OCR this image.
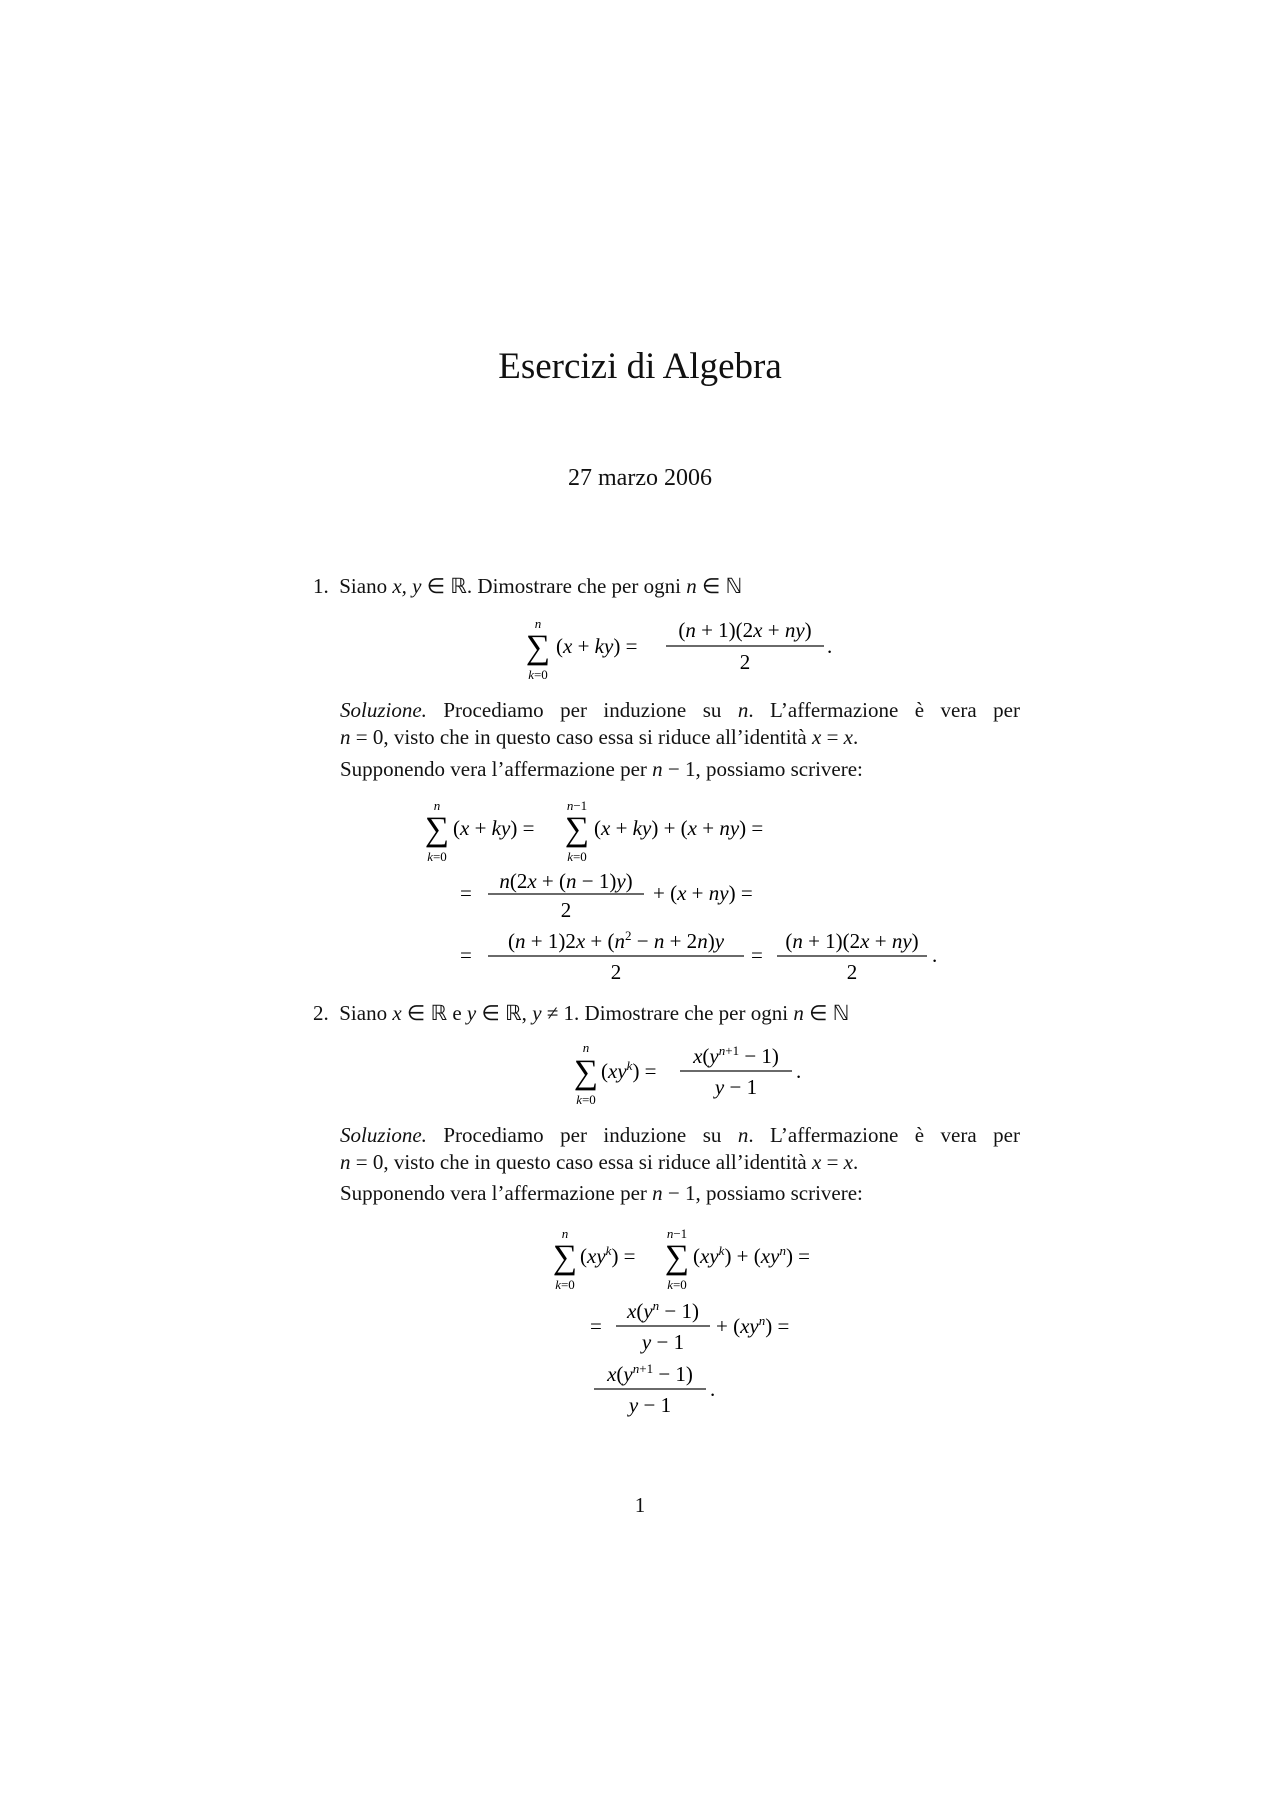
Esercizi di Algebra
27 marzo 2006
1.  Siano x, y ∈ ℝ. Dimostrare che per ogni n ∈ ℕ
n
∑
k=0
(x + ky) =
(n + 1)(2x + ny)
2
.
Soluzione. Procediamo per induzione su n. L’affermazione è vera per
n = 0, visto che in questo caso essa si riduce all’identità x = x.
Supponendo vera l’affermazione per n − 1, possiamo scrivere:
n
∑
k=0
(x + ky) =
n−1
∑
k=0
(x + ky) + (x + ny) =
= n(2x + (n − 1)y)
2
+ (x + ny) =
=
$(n + 1)2x + (n^2 - n + 2n)y$
2
=
(n + 1)(2x + ny)
2
.
2.  Siano x ∈ ℝ e y ∈ ℝ, y ≠ 1. Dimostrare che per ogni n ∈ ℕ
n
∑
k=0
$(xy^k)$ =
$x(y^{n+1} - 1)$
y − 1
.
Soluzione. Procediamo per induzione su n. L’affermazione è vera per
n = 0, visto che in questo caso essa si riduce all’identità x = x.
Supponendo vera l’affermazione per n − 1, possiamo scrivere:
n
∑
k=0
$(xy^k)$ =
n−1
∑
k=0
$(xy^k) + (xy^n)$ =
=
$x(y^n - 1)$
y − 1
+ $(xy^n)$ =
$x(y^{n+1} - 1)$
y − 1
.
1
